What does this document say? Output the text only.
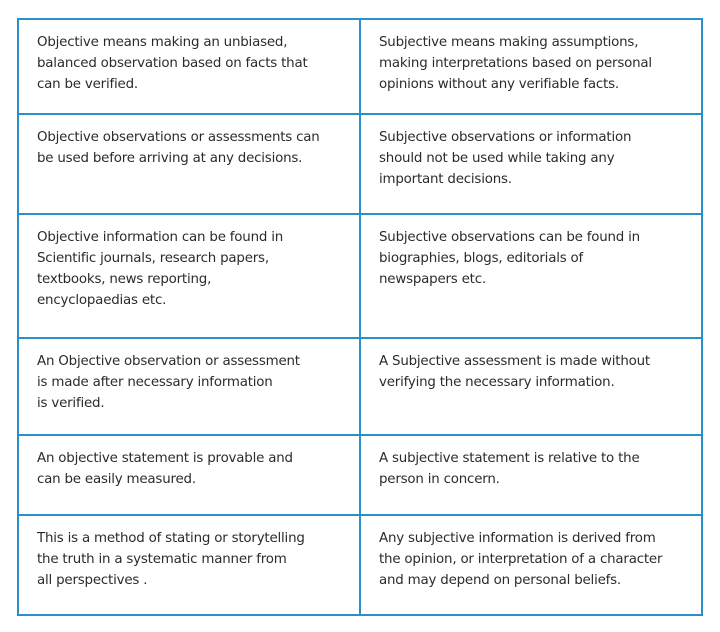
Objective means making an unbiased,
balanced observation based on facts that
can be verified.	Subjective means making assumptions,
making interpretations based on personal
opinions without any verifiable facts.

Objective observations or assessments can
be used before arriving at any decisions.	Subjective observations or information
should not be used while taking any
important decisions.

Objective information can be found in
Scientific journals, research papers,
textbooks, news reporting,
encyclopaedias etc.	Subjective observations can be found in
biographies, blogs, editorials of
newspapers etc.

An Objective observation or assessment
is made after necessary information
is verified.	A Subjective assessment is made without
verifying the necessary information.

An objective statement is provable and
can be easily measured.	A subjective statement is relative to the
person in concern.

This is a method of stating or storytelling
the truth in a systematic manner from
all perspectives .	Any subjective information is derived from
the opinion, or interpretation of a character
and may depend on personal beliefs.
